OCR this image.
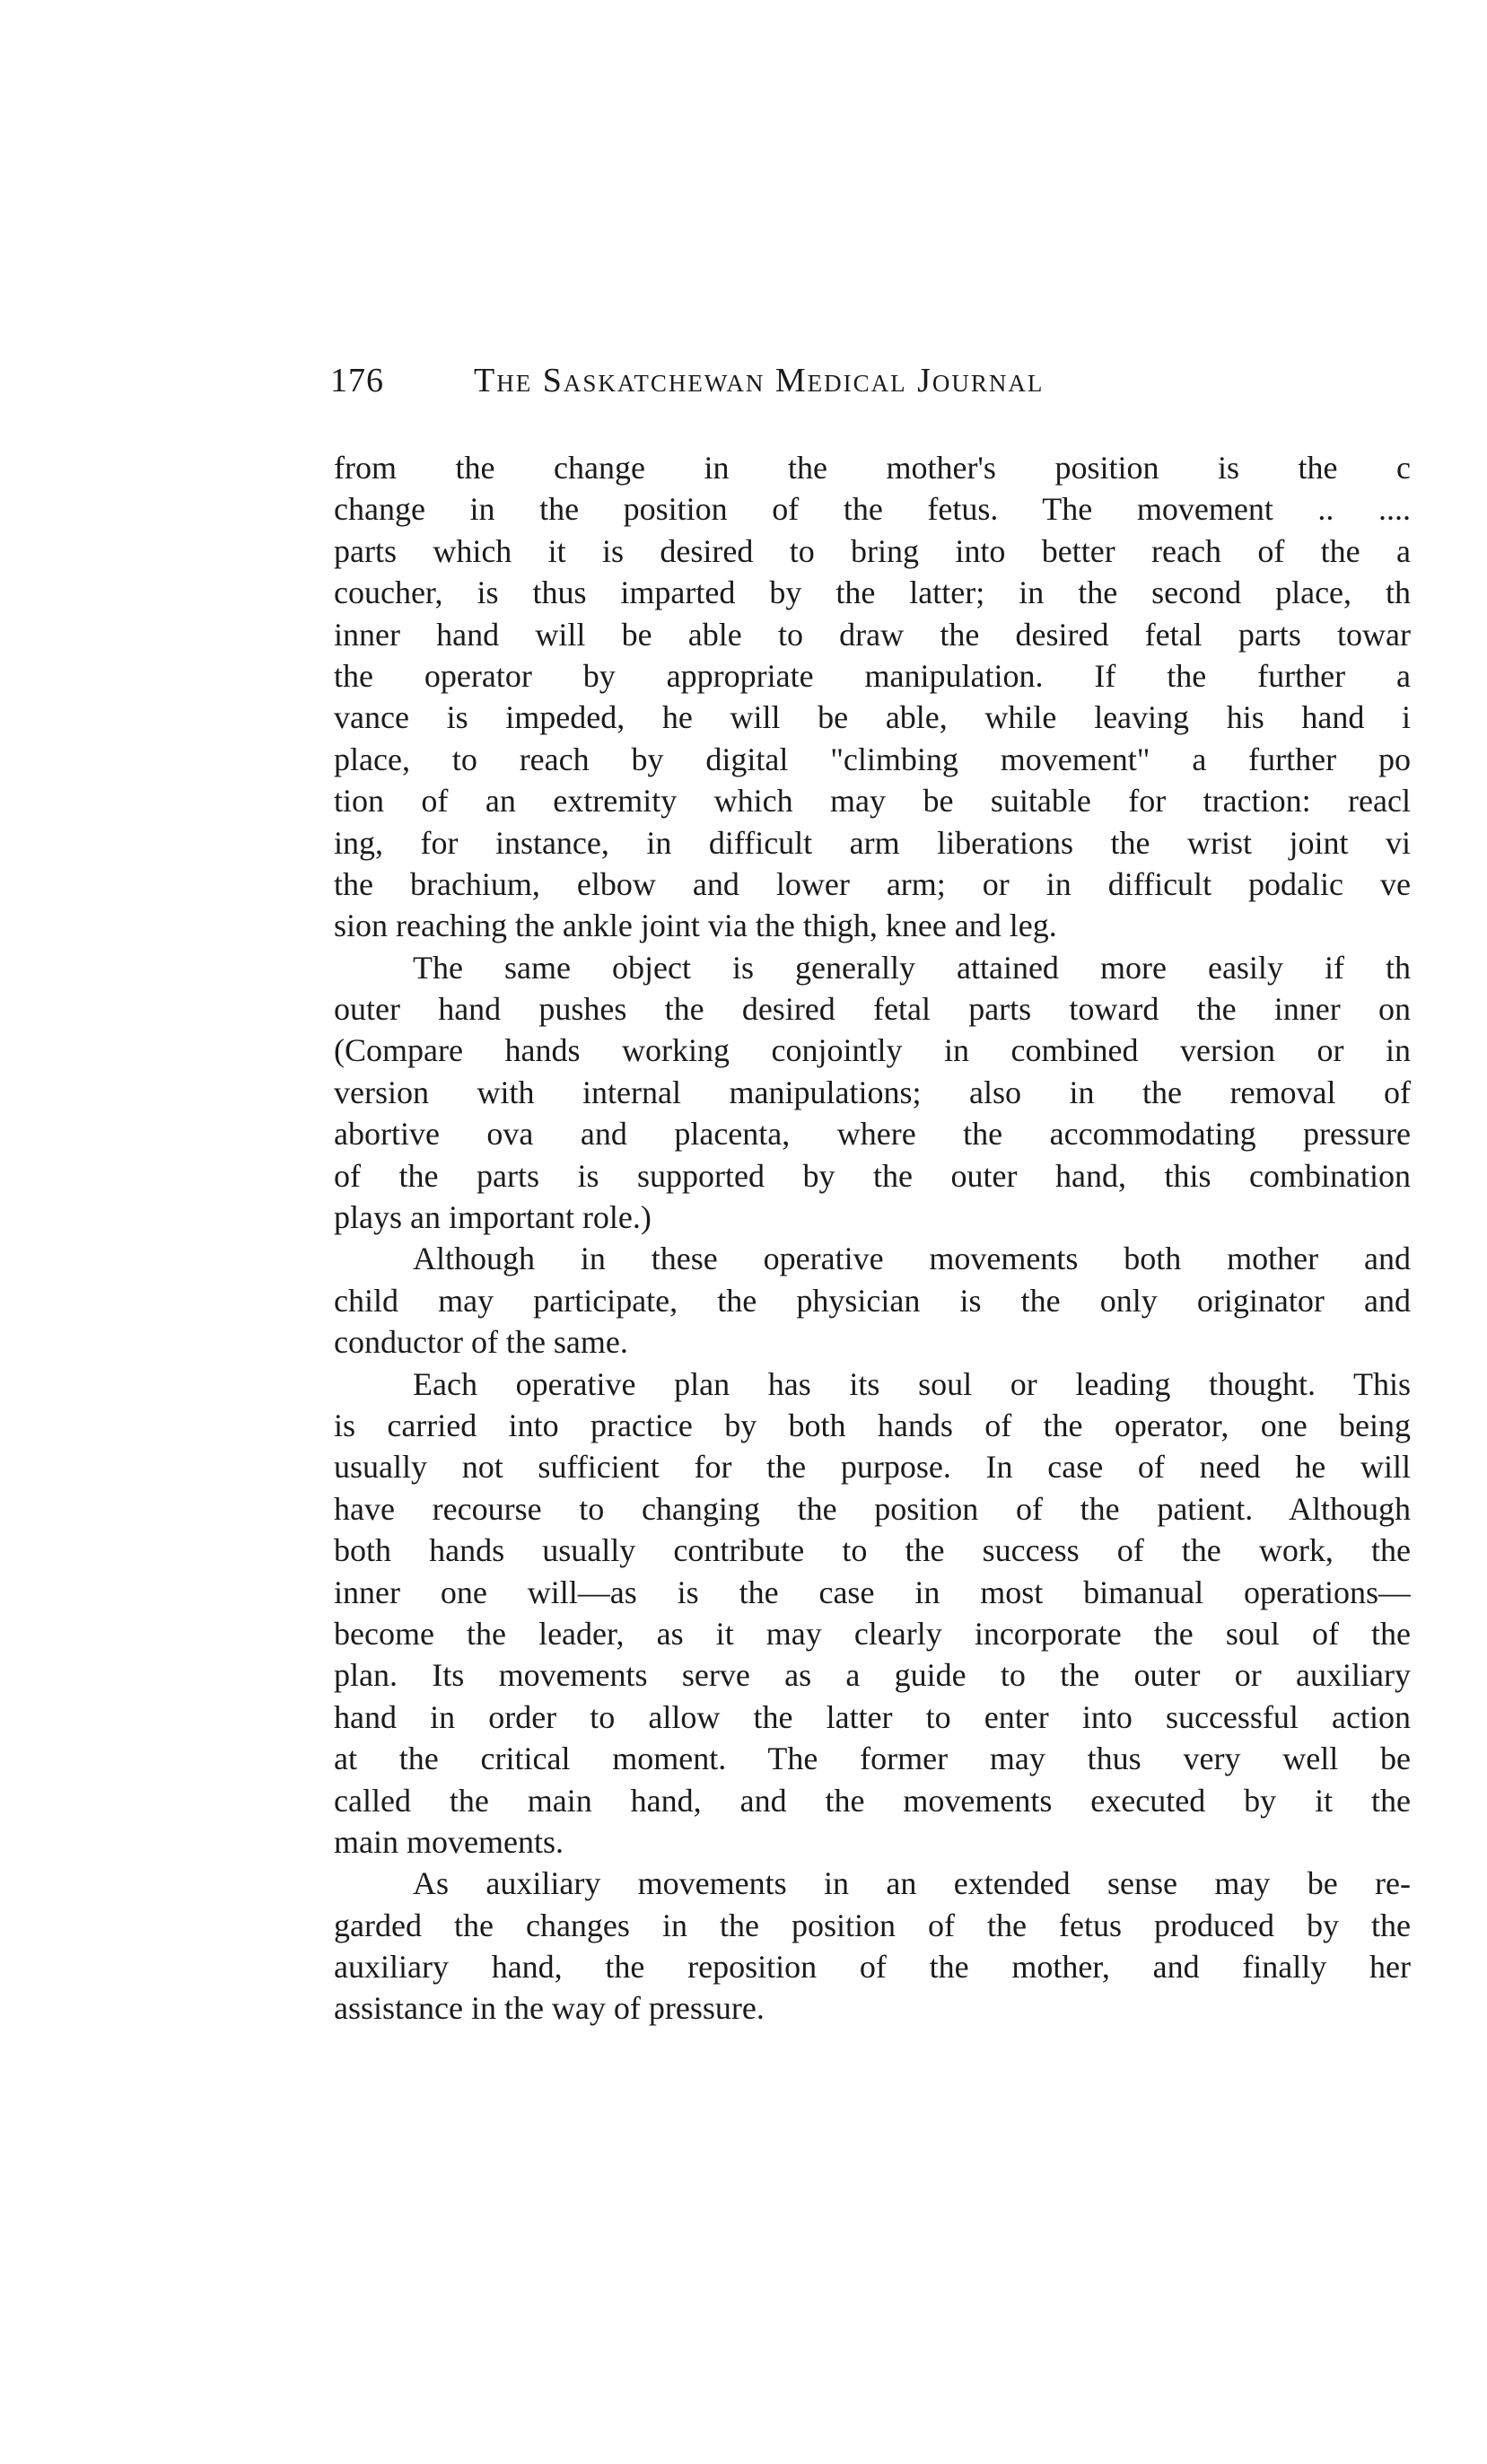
176	The Saskatchewan Medical Journal
from the change in the mother's position is the c
change in the position of the fetus. The movement .. ....
parts which it is desired to bring into better reach of the a
coucher, is thus imparted by the latter; in the second place, th
inner hand will be able to draw the desired fetal parts towar
the operator by appropriate manipulation. If the further a
vance is impeded, he will be able, while leaving his hand i
place, to reach by digital "climbing movement" a further po
tion of an extremity which may be suitable for traction: reacl
ing, for instance, in difficult arm liberations the wrist joint vi
the brachium, elbow and lower arm; or in difficult podalic ve
sion reaching the ankle joint via the thigh, knee and leg.
The same object is generally attained more easily if th
outer hand pushes the desired fetal parts toward the inner on
(Compare hands working conjointly in combined version or in
version with internal manipulations; also in the removal of
abortive ova and placenta, where the accommodating pressure
of the parts is supported by the outer hand, this combination
plays an important role.)
Although in these operative movements both mother and
child may participate, the physician is the only originator and
conductor of the same.
Each operative plan has its soul or leading thought. This
is carried into practice by both hands of the operator, one being
usually not sufficient for the purpose. In case of need he will
have recourse to changing the position of the patient. Although
both hands usually contribute to the success of the work, the
inner one will—as is the case in most bimanual operations—
become the leader, as it may clearly incorporate the soul of the
plan. Its movements serve as a guide to the outer or auxiliary
hand in order to allow the latter to enter into successful action
at the critical moment. The former may thus very well be
called the main hand, and the movements executed by it the
main movements.
As auxiliary movements in an extended sense may be re-
garded the changes in the position of the fetus produced by the
auxiliary hand, the reposition of the mother, and finally her
assistance in the way of pressure.
